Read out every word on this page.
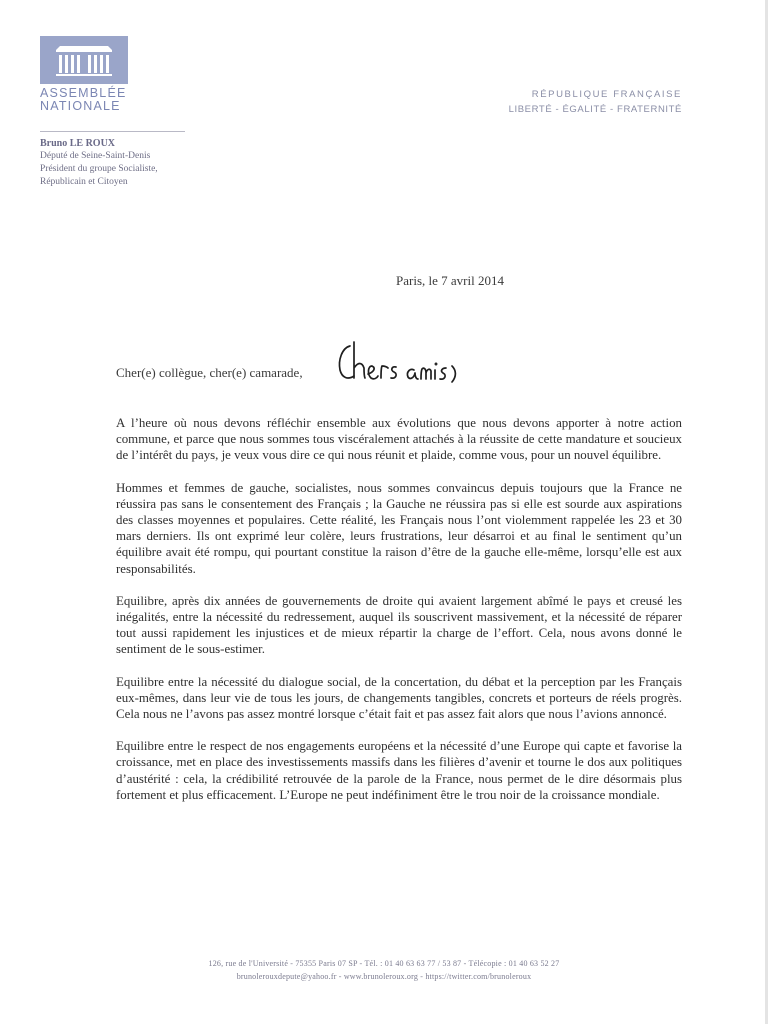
ASSEMBLÉE
NATIONALE
RÉPUBLIQUE FRANÇAISE
LIBERTÉ - ÉGALITÉ - FRATERNITÉ
Bruno LE ROUX
Député de Seine-Saint-Denis
Président du groupe Socialiste,
Républicain et Citoyen
Paris, le 7 avril 2014
Cher(e) collègue, cher(e) camarade,

A l’heure où nous devons réfléchir ensemble aux évolutions que nous devons apporter à notre action commune, et parce que nous sommes tous viscéralement attachés à la réussite de cette mandature et soucieux de l’intérêt du pays, je veux vous dire ce qui nous réunit et plaide, comme vous, pour un nouvel équilibre.

Hommes et femmes de gauche, socialistes, nous sommes convaincus depuis toujours que la France ne réussira pas sans le consentement des Français ; la Gauche ne réussira pas si elle est sourde aux aspirations des classes moyennes et populaires. Cette réalité, les Français nous l’ont violemment rappelée les 23 et 30 mars derniers. Ils ont exprimé leur colère, leurs frustrations, leur désarroi et au final le sentiment qu’un équilibre avait été rompu, qui pourtant constitue la raison d’être de la gauche elle-même, lorsqu’elle est aux responsabilités.

Equilibre, après dix années de gouvernements de droite qui avaient largement abîmé le pays et creusé les inégalités, entre la nécessité du redressement, auquel ils souscrivent massivement, et la nécessité de réparer tout aussi rapidement les injustices et de mieux répartir la charge de l’effort. Cela, nous avons donné le sentiment de le sous-estimer.

Equilibre entre la nécessité du dialogue social, de la concertation, du débat et la perception par les Français eux-mêmes, dans leur vie de tous les jours, de changements tangibles, concrets et porteurs de réels progrès. Cela nous ne l’avons pas assez montré lorsque c’était fait et pas assez fait alors que nous l’avions annoncé.

Equilibre entre le respect de nos engagements européens et la nécessité d’une Europe qui capte et favorise la croissance, met en place des investissements massifs dans les filières d’avenir et tourne le dos aux politiques d’austérité : cela, la crédibilité retrouvée de la parole de la France, nous permet de le dire désormais plus fortement et plus efficacement. L’Europe ne peut indéfiniment être le trou noir de la croissance mondiale.

126, rue de l'Université - 75355 Paris 07 SP - Tél. : 01 40 63 63 77 / 53 87 - Télécopie : 01 40 63 52 27
brunolerouxdepute@yahoo.fr - www.brunoleroux.org - https://twitter.com/brunoleroux
